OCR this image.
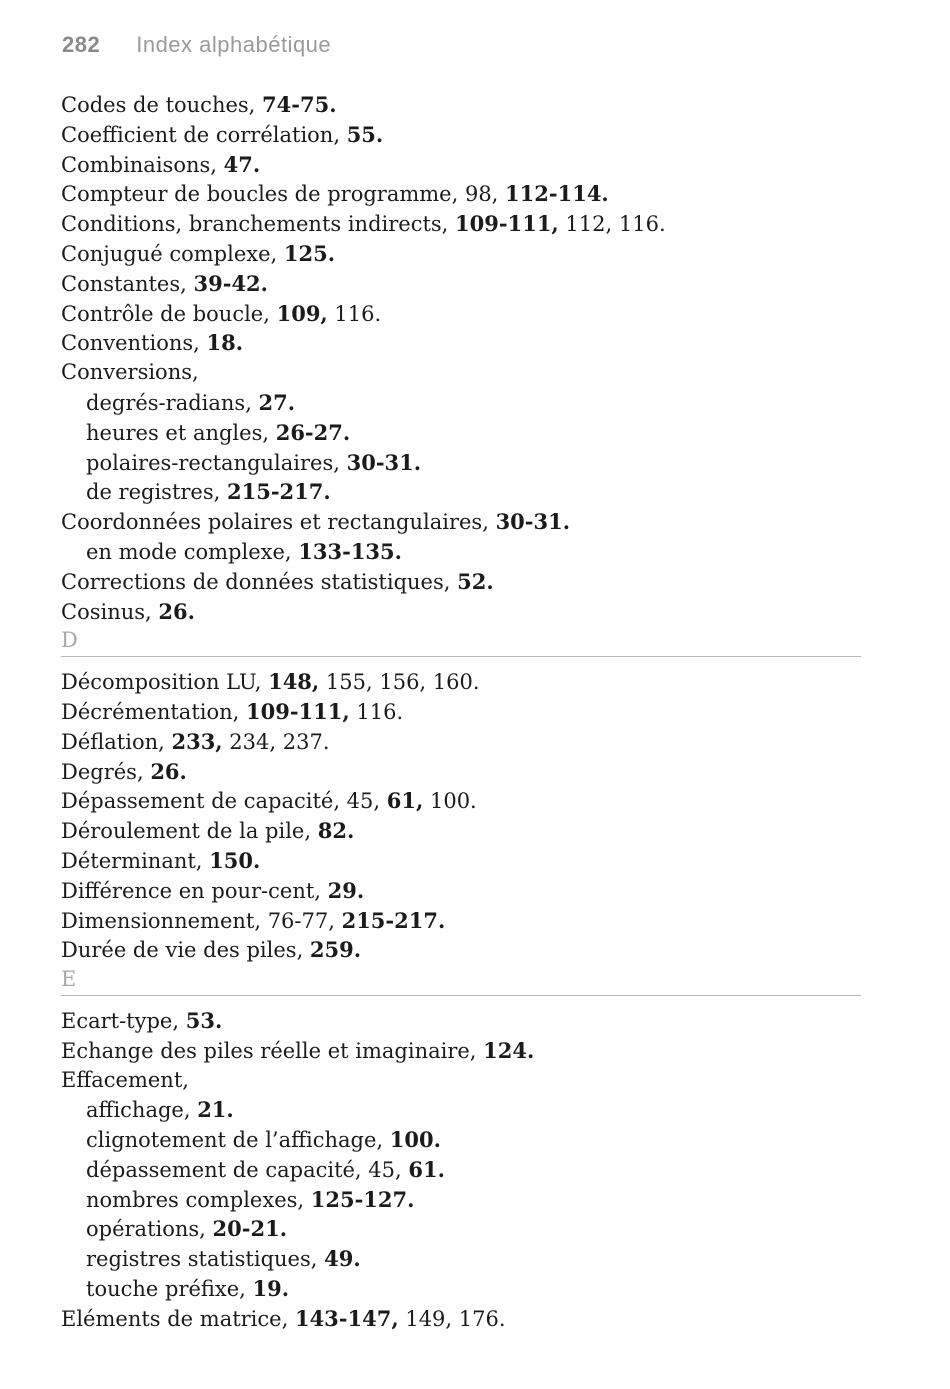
282 Index alphabétique
Codes de touches, 74-75.
Coefficient de corrélation, 55.
Combinaisons, 47.
Compteur de boucles de programme, 98, 112-114.
Conditions, branchements indirects, 109-111, 112, 116.
Conjugué complexe, 125.
Constantes, 39-42.
Contrôle de boucle, 109, 116.
Conventions, 18.
Conversions,
degrés-radians, 27.
heures et angles, 26-27.
polaires-rectangulaires, 30-31.
de registres, 215-217.
Coordonnées polaires et rectangulaires, 30-31.
en mode complexe, 133-135.
Corrections de données statistiques, 52.
Cosinus, 26.
D
Décomposition LU, 148, 155, 156, 160.
Décrémentation, 109-111, 116.
Déflation, 233, 234, 237.
Degrés, 26.
Dépassement de capacité, 45, 61, 100.
Déroulement de la pile, 82.
Déterminant, 150.
Différence en pour-cent, 29.
Dimensionnement, 76-77, 215-217.
Durée de vie des piles, 259.
E
Ecart-type, 53.
Echange des piles réelle et imaginaire, 124.
Effacement,
affichage, 21.
clignotement de l’affichage, 100.
dépassement de capacité, 45, 61.
nombres complexes, 125-127.
opérations, 20-21.
registres statistiques, 49.
touche préfixe, 19.
Eléments de matrice, 143-147, 149, 176.
